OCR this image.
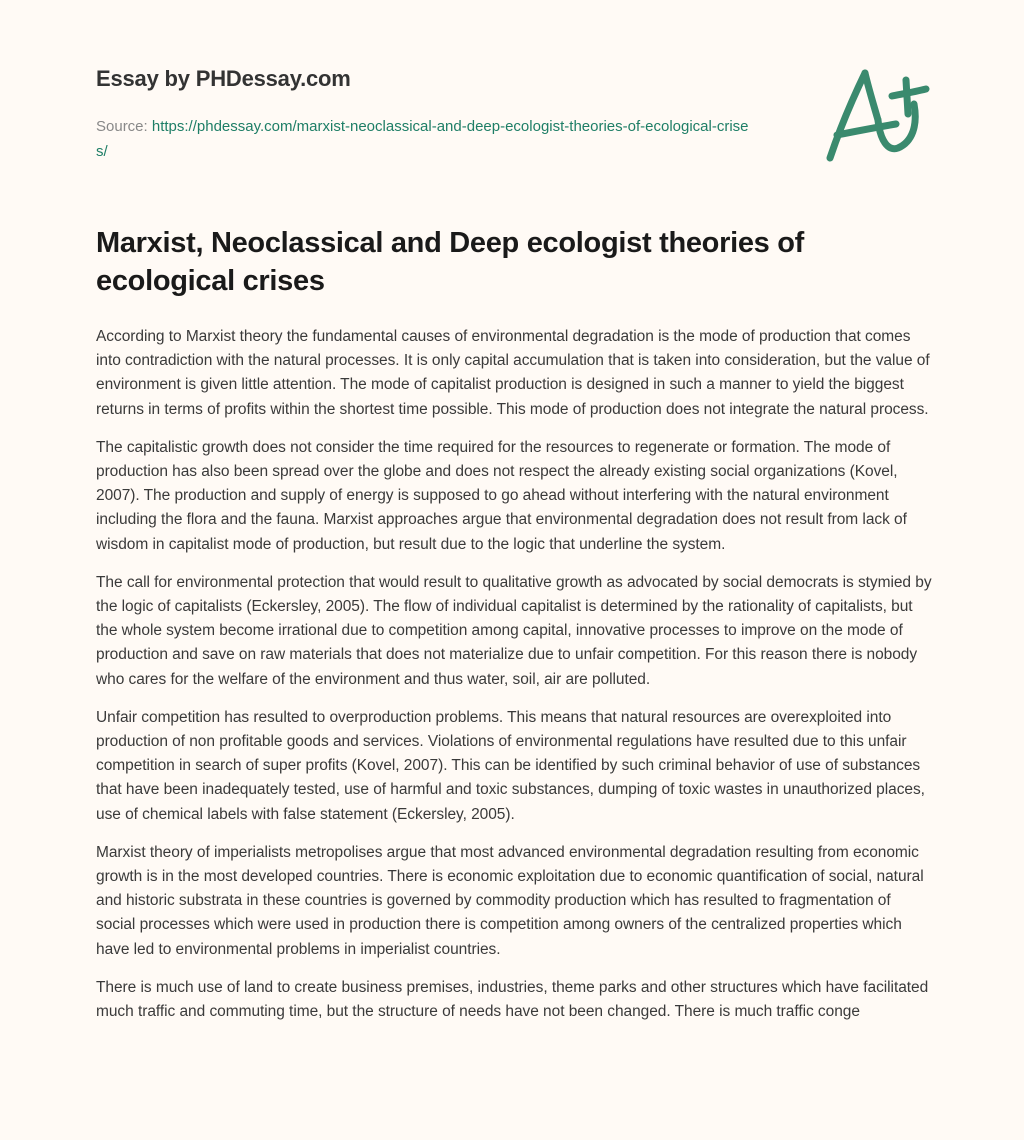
Essay by PHDessay.com
Source: https://phdessay.com/marxist-neoclassical-and-deep-ecologist-theories-of-ecological-crises/
Marxist, Neoclassical and Deep ecologist theories of ecological crises

According to Marxist theory the fundamental causes of environmental degradation is the mode of production that comes into contradiction with the natural processes. It is only capital accumulation that is taken into consideration, but the value of environment is given little attention. The mode of capitalist production is designed in such a manner to yield the biggest returns in terms of profits within the shortest time possible. This mode of production does not integrate the natural process.

The capitalistic growth does not consider the time required for the resources to regenerate or formation. The mode of production has also been spread over the globe and does not respect the already existing social organizations (Kovel, 2007). The production and supply of energy is supposed to go ahead without interfering with the natural environment including the flora and the fauna. Marxist approaches argue that environmental degradation does not result from lack of wisdom in capitalist mode of production, but result due to the logic that underline the system.

The call for environmental protection that would result to qualitative growth as advocated by social democrats is stymied by the logic of capitalists (Eckersley, 2005). The flow of individual capitalist is determined by the rationality of capitalists, but the whole system become irrational due to competition among capital, innovative processes to improve on the mode of production and save on raw materials that does not materialize due to unfair competition. For this reason there is nobody who cares for the welfare of the environment and thus water, soil, air are polluted.

Unfair competition has resulted to overproduction problems. This means that natural resources are overexploited into production of non profitable goods and services. Violations of environmental regulations have resulted due to this unfair competition in search of super profits (Kovel, 2007). This can be identified by such criminal behavior of use of substances that have been inadequately tested, use of harmful and toxic substances, dumping of toxic wastes in unauthorized places, use of chemical labels with false statement (Eckersley, 2005).

Marxist theory of imperialists metropolises argue that most advanced environmental degradation resulting from economic growth is in the most developed countries. There is economic exploitation due to economic quantification of social, natural and historic substrata in these countries is governed by commodity production which has resulted to fragmentation of social processes which were used in production there is competition among owners of the centralized properties which have led to environmental problems in imperialist countries.

There is much use of land to create business premises, industries, theme parks and other structures which have facilitated much traffic and commuting time, but the structure of needs have not been changed. There is much traffic conge
